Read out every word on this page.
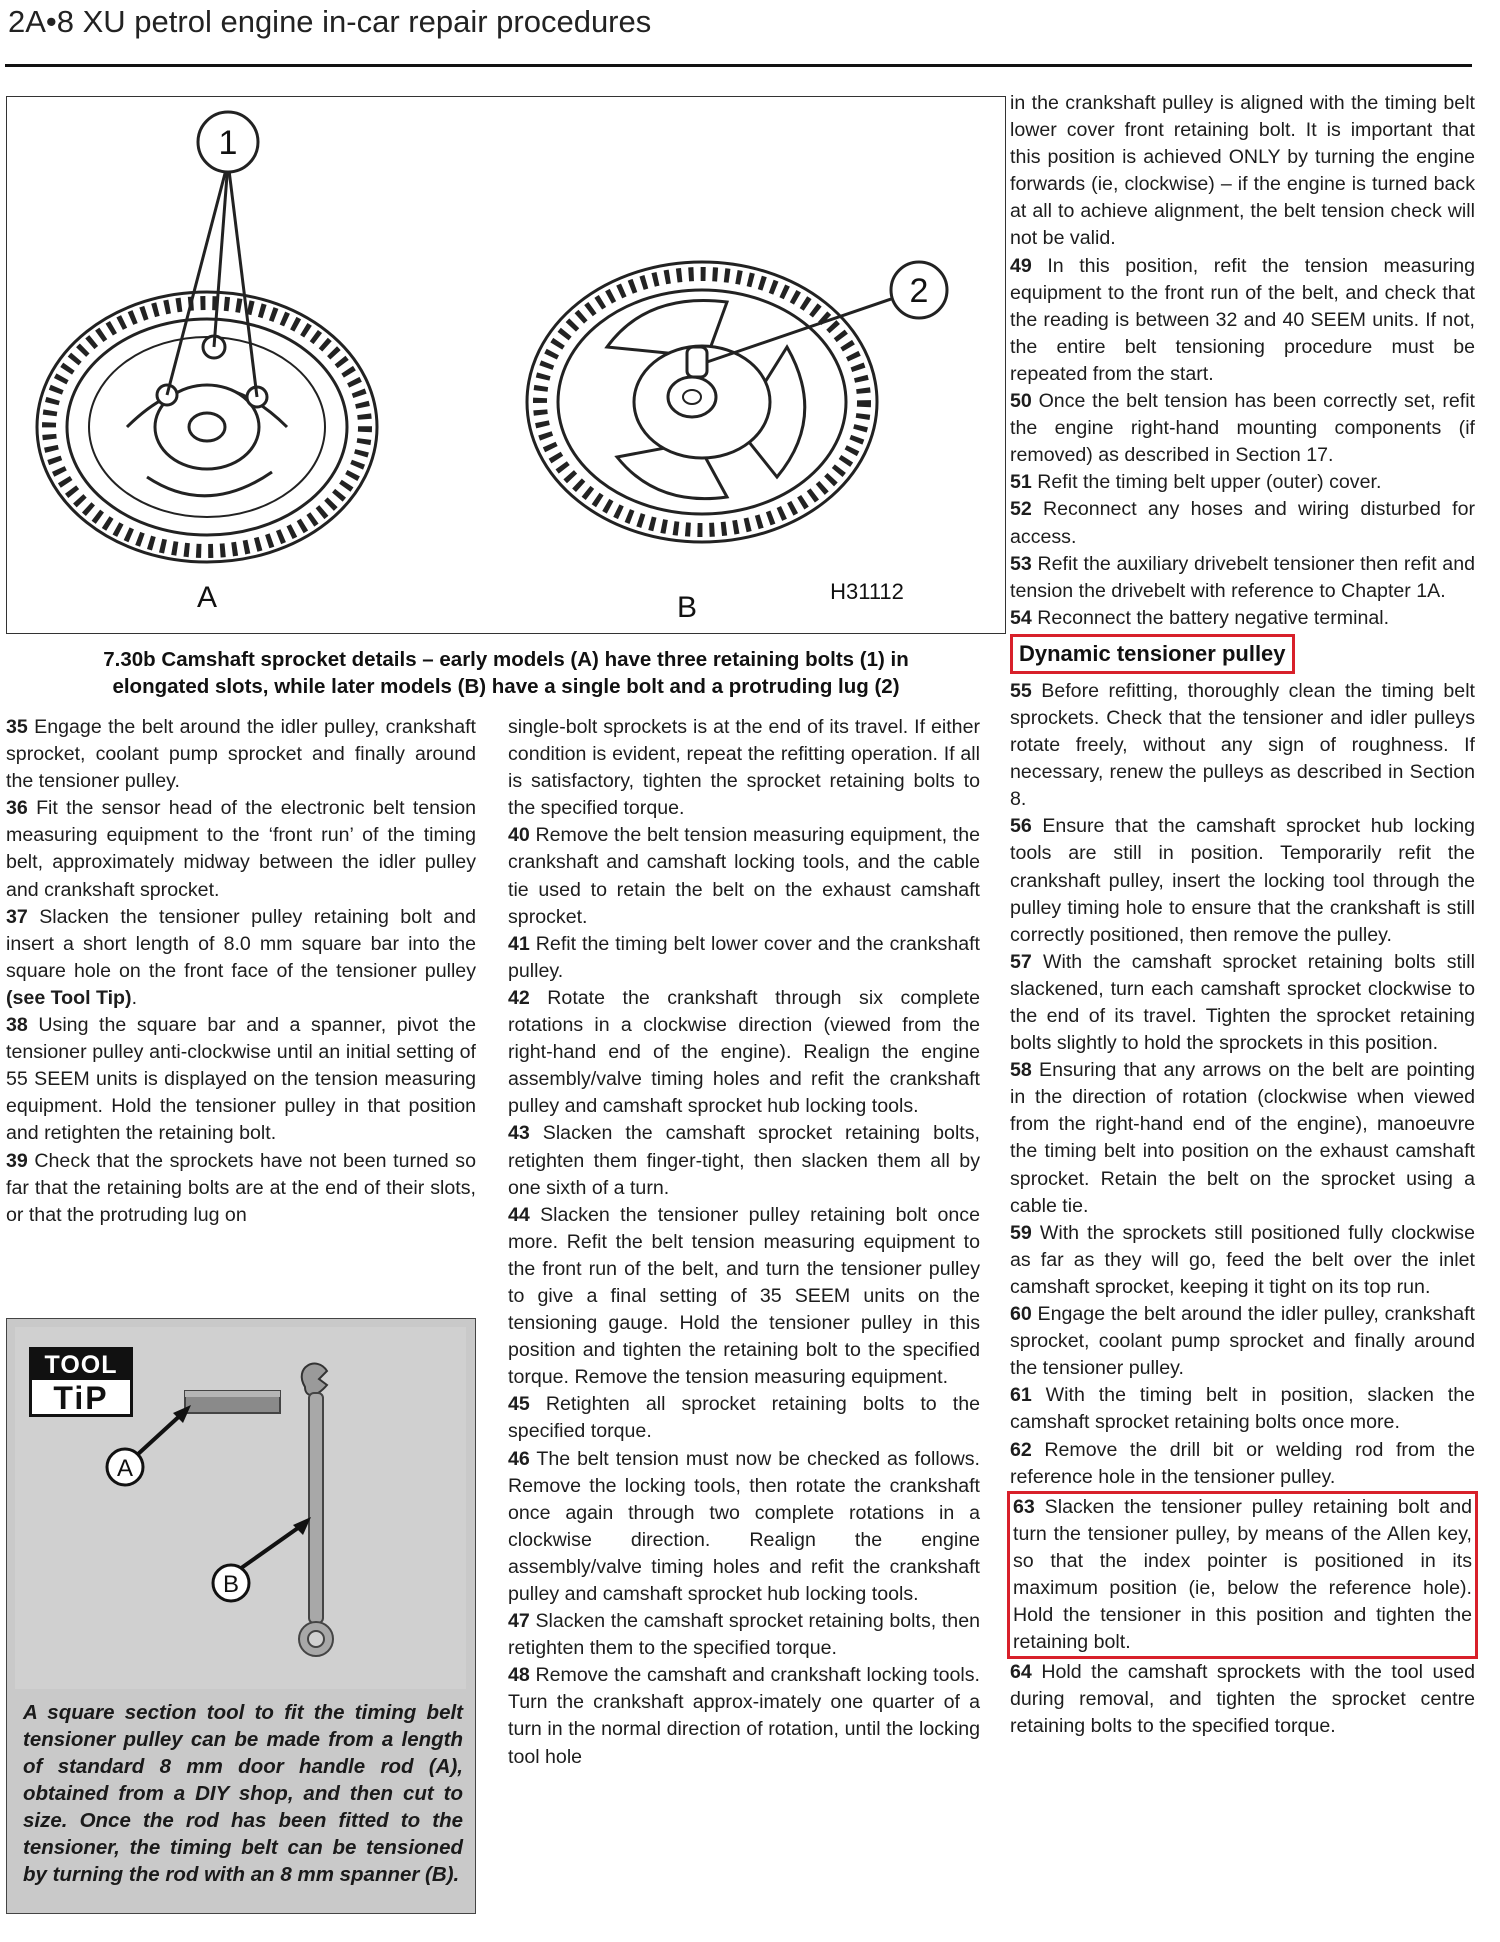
2A•8 XU petrol engine in-car repair procedures
1
A
2
B	H31112
7.30b Camshaft sprocket details – early models (A) have three retaining bolts (1) in
elongated slots, while later models (B) have a single bolt and a protruding lug (2)

35 Engage the belt around the idler pulley, crankshaft sprocket, coolant pump sprocket and finally around the tensioner pulley.

36 Fit the sensor head of the electronic belt tension measuring equipment to the ‘front run’ of the timing belt, approximately midway between the idler pulley and crankshaft sprocket.

37 Slacken the tensioner pulley retaining bolt and insert a short length of 8.0 mm square bar into the square hole on the front face of the tensioner pulley (see Tool Tip).

38 Using the square bar and a spanner, pivot the tensioner pulley anti-clockwise until an initial setting of 55 SEEM units is displayed on the tension measuring equipment. Hold the tensioner pulley in that position and retighten the retaining bolt.

39 Check that the sprockets have not been turned so far that the retaining bolts are at the end of their slots, or that the protruding lug on

A
B
TOOL
TiP
A square section tool to fit the timing belt tensioner pulley can be made from a length of standard 8 mm door handle rod (A), obtained from a DIY shop, and then cut to size. Once the rod has been fitted to the tensioner, the timing belt can be tensioned by turning the rod with an 8 mm spanner (B).

single-bolt sprockets is at the end of its travel. If either condition is evident, repeat the refitting operation. If all is satisfactory, tighten the sprocket retaining bolts to the specified torque.

40 Remove the belt tension measuring equipment, the crankshaft and camshaft locking tools, and the cable tie used to retain the belt on the exhaust camshaft sprocket.

41 Refit the timing belt lower cover and the crankshaft pulley.

42 Rotate the crankshaft through six complete rotations in a clockwise direction (viewed from the right-hand end of the engine). Realign the engine assembly/valve timing holes and refit the crankshaft pulley and camshaft sprocket hub locking tools.

43 Slacken the camshaft sprocket retaining bolts, retighten them finger-tight, then slacken them all by one sixth of a turn.

44 Slacken the tensioner pulley retaining bolt once more. Refit the belt tension measuring equipment to the front run of the belt, and turn the tensioner pulley to give a final setting of 35 SEEM units on the tensioning gauge. Hold the tensioner pulley in this position and tighten the retaining bolt to the specified torque. Remove the tension measuring equipment.

45 Retighten all sprocket retaining bolts to the specified torque.

46 The belt tension must now be checked as follows. Remove the locking tools, then rotate the crankshaft once again through two complete rotations in a clockwise direction. Realign the engine assembly/valve timing holes and refit the crankshaft pulley and camshaft sprocket hub locking tools.

47 Slacken the camshaft sprocket retaining bolts, then retighten them to the specified torque.

48 Remove the camshaft and crankshaft locking tools. Turn the crankshaft approx-imately one quarter of a turn in the normal direction of rotation, until the locking tool hole

in the crankshaft pulley is aligned with the timing belt lower cover front retaining bolt. It is important that this position is achieved ONLY by turning the engine forwards (ie, clockwise) – if the engine is turned back at all to achieve alignment, the belt tension check will not be valid.

49 In this position, refit the tension measuring equipment to the front run of the belt, and check that the reading is between 32 and 40 SEEM units. If not, the entire belt tensioning procedure must be repeated from the start.

50 Once the belt tension has been correctly set, refit the engine right-hand mounting components (if removed) as described in Section 17.

51 Refit the timing belt upper (outer) cover.

52 Reconnect any hoses and wiring disturbed for access.

53 Refit the auxiliary drivebelt tensioner then refit and tension the drivebelt with reference to Chapter 1A.

54 Reconnect the battery negative terminal.

Dynamic tensioner pulley

55 Before refitting, thoroughly clean the timing belt sprockets. Check that the tensioner and idler pulleys rotate freely, without any sign of roughness. If necessary, renew the pulleys as described in Section 8.

56 Ensure that the camshaft sprocket hub locking tools are still in position. Temporarily refit the crankshaft pulley, insert the locking tool through the pulley timing hole to ensure that the crankshaft is still correctly positioned, then remove the pulley.

57 With the camshaft sprocket retaining bolts still slackened, turn each camshaft sprocket clockwise to the end of its travel. Tighten the sprocket retaining bolts slightly to hold the sprockets in this position.

58 Ensuring that any arrows on the belt are pointing in the direction of rotation (clockwise when viewed from the right-hand end of the engine), manoeuvre the timing belt into position on the exhaust camshaft sprocket. Retain the belt on the sprocket using a cable tie.

59 With the sprockets still positioned fully clockwise as far as they will go, feed the belt over the inlet camshaft sprocket, keeping it tight on its top run.

60 Engage the belt around the idler pulley, crankshaft sprocket, coolant pump sprocket and finally around the tensioner pulley.

61 With the timing belt in position, slacken the camshaft sprocket retaining bolts once more.

62 Remove the drill bit or welding rod from the reference hole in the tensioner pulley.

63 Slacken the tensioner pulley retaining bolt and turn the tensioner pulley, by means of the Allen key, so that the index pointer is positioned in its maximum position (ie, below the reference hole). Hold the tensioner in this position and tighten the retaining bolt.

64 Hold the camshaft sprockets with the tool used during removal, and tighten the sprocket centre retaining bolts to the specified torque.
